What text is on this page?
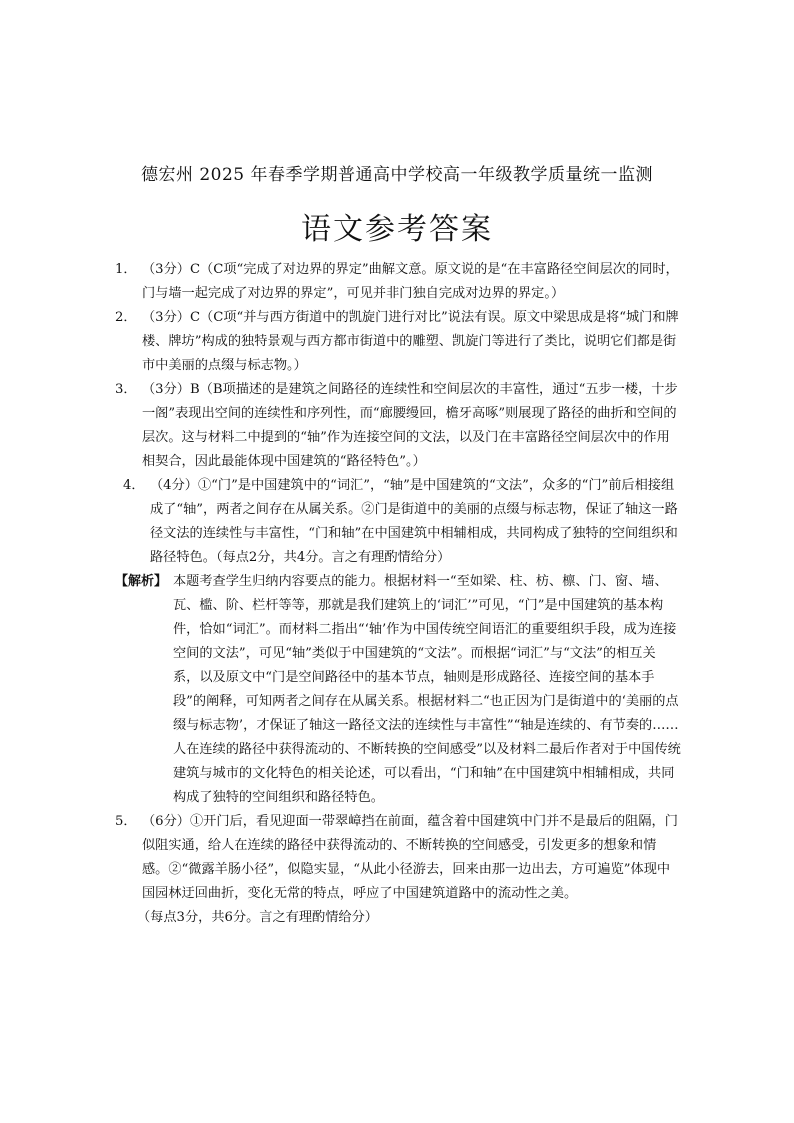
德宏州 2025 年春季学期普通高中学校高一年级教学质量统一监测
语文参考答案

1． （3分）C（C项“完成了对边界的界定”曲解文意。原文说的是“在丰富路径空间层次的同时，门与墙一起完成了对边界的界定”，可见并非门独自完成对边界的界定。）

2． （3分）C（C项“并与西方街道中的凯旋门进行对比”说法有误。原文中梁思成是将“城门和牌楼、牌坊”构成的独特景观与西方都市街道中的雕塑、凯旋门等进行了类比，说明它们都是街市中美丽的点缀与标志物。）

3． （3分）B（B项描述的是建筑之间路径的连续性和空间层次的丰富性，通过“五步一楼，十步一阁”表现出空间的连续性和序列性，而“廊腰缦回，檐牙高啄”则展现了路径的曲折和空间的层次。这与材料二中提到的“轴”作为连接空间的文法，以及门在丰富路径空间层次中的作用相契合，因此最能体现中国建筑的“路径特色”。）

4． （4分）①“门”是中国建筑中的“词汇”，“轴”是中国建筑的“文法”，众多的“门”前后相接组成了“轴”，两者之间存在从属关系。②门是街道中的美丽的点缀与标志物，保证了轴这一路径文法的连续性与丰富性，“门和轴”在中国建筑中相辅相成，共同构成了独特的空间组织和路径特色。（每点2分，共4分。言之有理酌情给分）

【解析】 本题考查学生归纳内容要点的能力。根据材料一“至如梁、柱、枋、檩、门、窗、墙、瓦、槛、阶、栏杆等等，那就是我们建筑上的‘词汇’”可见，“门”是中国建筑的基本构件，恰如“词汇”。而材料二指出“‘轴’作为中国传统空间语汇的重要组织手段，成为连接空间的文法”，可见“轴”类似于中国建筑的“文法”。而根据“词汇”与“文法”的相互关系，以及原文中“门是空间路径中的基本节点，轴则是形成路径、连接空间的基本手段”的阐释，可知两者之间存在从属关系。根据材料二“也正因为门是街道中的‘美丽的点缀与标志物’，才保证了轴这一路径文法的连续性与丰富性”“轴是连续的、有节奏的……人在连续的路径中获得流动的、不断转换的空间感受”以及材料二最后作者对于中国传统建筑与城市的文化特色的相关论述，可以看出，“门和轴”在中国建筑中相辅相成，共同构成了独特的空间组织和路径特色。

5． （6分）①开门后，看见迎面一带翠嶂挡在前面，蕴含着中国建筑中门并不是最后的阻隔，门似阻实通，给人在连续的路径中获得流动的、不断转换的空间感受，引发更多的想象和情感。②“微露羊肠小径”，似隐实显，“从此小径游去，回来由那一边出去，方可遍览”体现中国园林迂回曲折，变化无常的特点，呼应了中国建筑道路中的流动性之美。
（每点3分，共6分。言之有理酌情给分）
